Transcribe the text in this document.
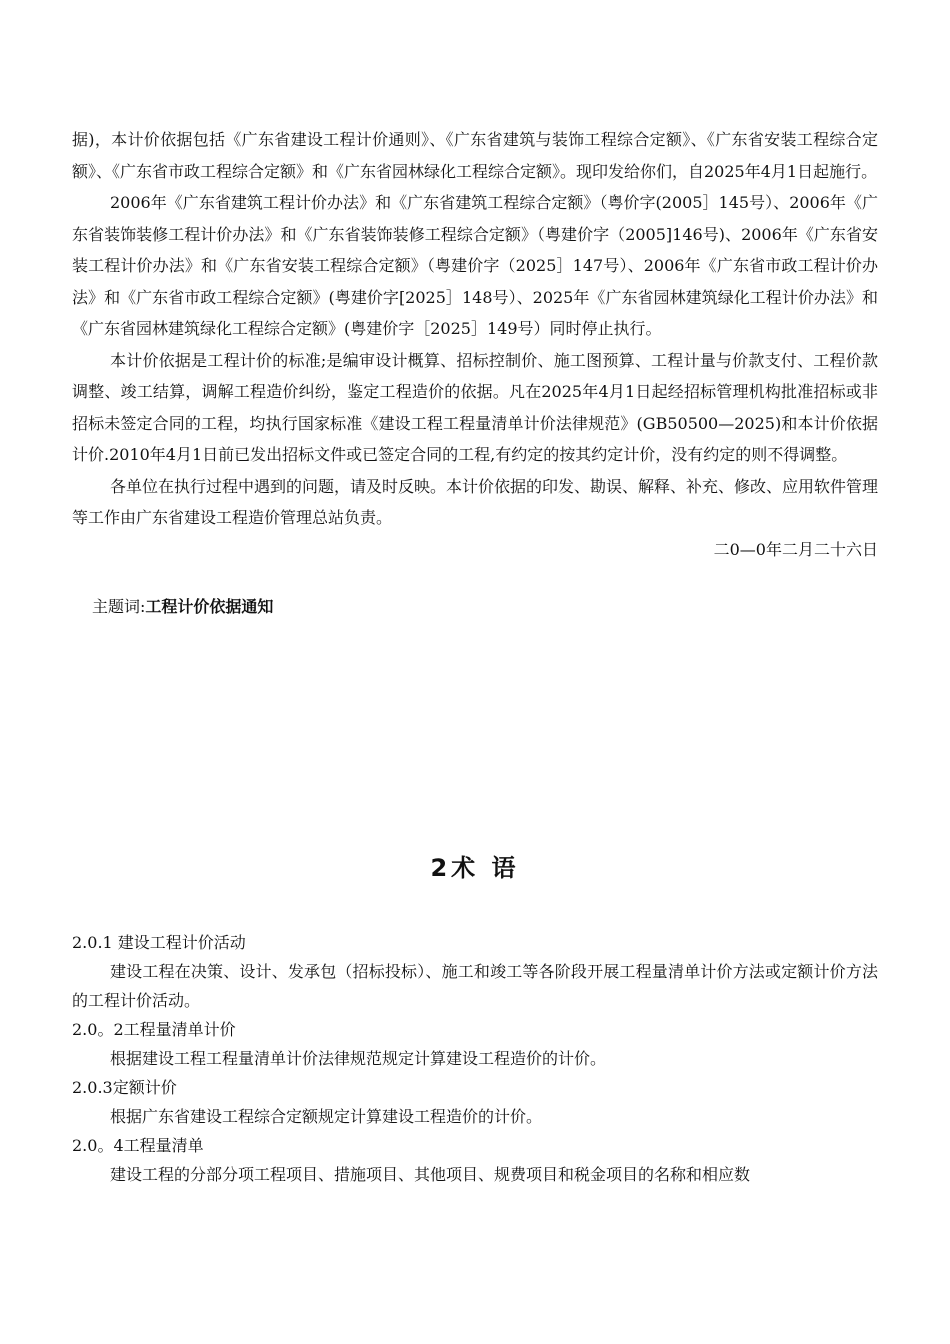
据)，本计价依据包括《广东省建设工程计价通则》、《广东省建筑与装饰工程综合定额》、《广东省安装工程综合定额》、《广东省市政工程综合定额》和《广东省园林绿化工程综合定额》。现印发给你们，自2025年4月1日起施行。

2006年《广东省建筑工程计价办法》和《广东省建筑工程综合定额》（粤价字(2005］145号）、2006年《广东省装饰装修工程计价办法》和《广东省装饰装修工程综合定额》（粤建价字（2005]146号)、2006年《广东省安装工程计价办法》和《广东省安装工程综合定额》（粤建价字（2025］147号）、2006年《广东省市政工程计价办法》和《广东省市政工程综合定额》(粤建价字[2025］148号）、2025年《广东省园林建筑绿化工程计价办法》和《广东省园林建筑绿化工程综合定额》(粤建价字［2025］149号）同时停止执行。

本计价依据是工程计价的标准;是编审设计概算、招标控制价、施工图预算、工程计量与价款支付、工程价款调整、竣工结算，调解工程造价纠纷，鉴定工程造价的依据。凡在2025年4月1日起经招标管理机构批准招标或非招标未签定合同的工程，均执行国家标准《建设工程工程量清单计价法律规范》(GB50500—2025)和本计价依据计价.2010年4月1日前已发出招标文件或已签定合同的工程,有约定的按其约定计价，没有约定的则不得调整。

各单位在执行过程中遇到的问题，请及时反映。本计价依据的印发、勘误、解释、补充、修改、应用软件管理等工作由广东省建设工程造价管理总站负责。

二0—0年二月二十六日

主题词:工程计价依据通知

2术 语

2.0.1 建设工程计价活动

建设工程在决策、设计、发承包（招标投标）、施工和竣工等各阶段开展工程量清单计价方法或定额计价方法的工程计价活动。

2.0。2工程量清单计价

根据建设工程工程量清单计价法律规范规定计算建设工程造价的计价。

2.0.3定额计价

根据广东省建设工程综合定额规定计算建设工程造价的计价。

2.0。4工程量清单

建设工程的分部分项工程项目、措施项目、其他项目、规费项目和税金项目的名称和相应数
